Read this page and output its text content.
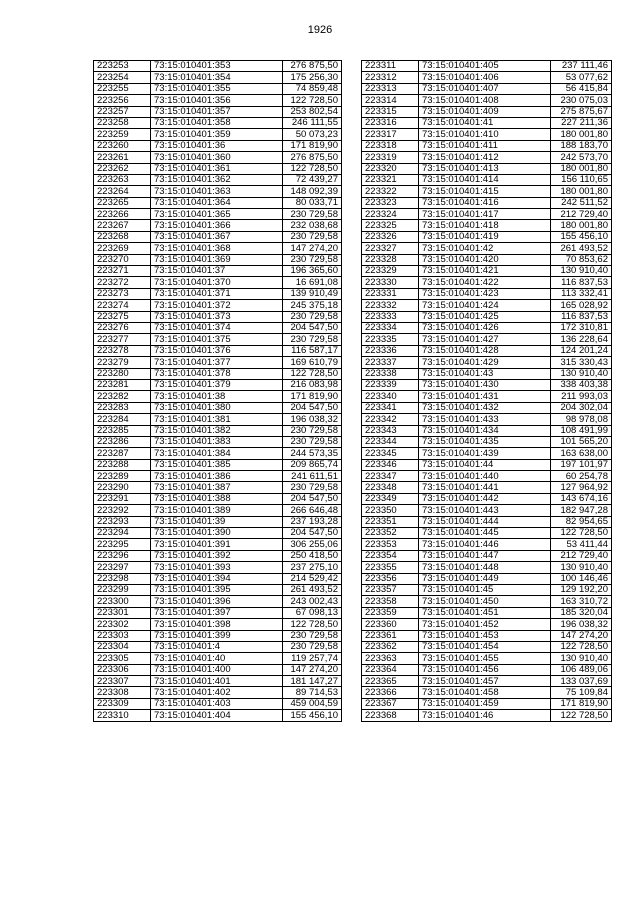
1926
223253	73:15:010401:353	276 875,50
223254	73:15:010401:354	175 256,30
223255	73:15:010401:355	74 859,48
223256	73:15:010401:356	122 728,50
223257	73:15:010401:357	253 802,54
223258	73:15:010401:358	246 111,55
223259	73:15:010401:359	50 073,23
223260	73:15:010401:36	171 819,90
223261	73:15:010401:360	276 875,50
223262	73:15:010401:361	122 728,50
223263	73:15:010401:362	72 439,27
223264	73:15:010401:363	148 092,39
223265	73:15:010401:364	80 033,71
223266	73:15:010401:365	230 729,58
223267	73:15:010401:366	232 038,68
223268	73:15:010401:367	230 729,58
223269	73:15:010401:368	147 274,20
223270	73:15:010401:369	230 729,58
223271	73:15:010401:37	196 365,60
223272	73:15:010401:370	16 691,08
223273	73:15:010401:371	139 910,49
223274	73:15:010401:372	245 375,18
223275	73:15:010401:373	230 729,58
223276	73:15:010401:374	204 547,50
223277	73:15:010401:375	230 729,58
223278	73:15:010401:376	116 587,17
223279	73:15:010401:377	169 610,79
223280	73:15:010401:378	122 728,50
223281	73:15:010401:379	216 083,98
223282	73:15:010401:38	171 819,90
223283	73:15:010401:380	204 547,50
223284	73:15:010401:381	196 038,32
223285	73:15:010401:382	230 729,58
223286	73:15:010401:383	230 729,58
223287	73:15:010401:384	244 573,35
223288	73:15:010401:385	209 865,74
223289	73:15:010401:386	241 611,51
223290	73:15:010401:387	230 729,58
223291	73:15:010401:388	204 547,50
223292	73:15:010401:389	266 646,48
223293	73:15:010401:39	237 193,28
223294	73:15:010401:390	204 547,50
223295	73:15:010401:391	306 255,06
223296	73:15:010401:392	250 418,50
223297	73:15:010401:393	237 275,10
223298	73:15:010401:394	214 529,42
223299	73:15:010401:395	261 493,52
223300	73:15:010401:396	243 002,43
223301	73:15:010401:397	67 098,13
223302	73:15:010401:398	122 728,50
223303	73:15:010401:399	230 729,58
223304	73:15:010401:4	230 729,58
223305	73:15:010401:40	119 257,74
223306	73:15:010401:400	147 274,20
223307	73:15:010401:401	181 147,27
223308	73:15:010401:402	89 714,53
223309	73:15:010401:403	459 004,59
223310	73:15:010401:404	155 456,10
223311	73:15:010401:405	237 111,46
223312	73:15:010401:406	53 077,62
223313	73:15:010401:407	56 415,84
223314	73:15:010401:408	230 075,03
223315	73:15:010401:409	275 875,67
223316	73:15:010401:41	227 211,36
223317	73:15:010401:410	180 001,80
223318	73:15:010401:411	188 183,70
223319	73:15:010401:412	242 573,70
223320	73:15:010401:413	180 001,80
223321	73:15:010401:414	156 110,65
223322	73:15:010401:415	180 001,80
223323	73:15:010401:416	242 511,52
223324	73:15:010401:417	212 729,40
223325	73:15:010401:418	180 001,80
223326	73:15:010401:419	155 456,10
223327	73:15:010401:42	261 493,52
223328	73:15:010401:420	70 853,62
223329	73:15:010401:421	130 910,40
223330	73:15:010401:422	116 837,53
223331	73:15:010401:423	113 332,41
223332	73:15:010401:424	165 028,92
223333	73:15:010401:425	116 837,53
223334	73:15:010401:426	172 310,81
223335	73:15:010401:427	136 228,64
223336	73:15:010401:428	124 201,24
223337	73:15:010401:429	315 330,43
223338	73:15:010401:43	130 910,40
223339	73:15:010401:430	338 403,38
223340	73:15:010401:431	211 993,03
223341	73:15:010401:432	204 302,04
223342	73:15:010401:433	98 978,08
223343	73:15:010401:434	108 491,99
223344	73:15:010401:435	101 565,20
223345	73:15:010401:439	163 638,00
223346	73:15:010401:44	197 101,97
223347	73:15:010401:440	60 254,78
223348	73:15:010401:441	127 964,92
223349	73:15:010401:442	143 674,16
223350	73:15:010401:443	182 947,28
223351	73:15:010401:444	82 954,65
223352	73:15:010401:445	122 728,50
223353	73:15:010401:446	53 411,44
223354	73:15:010401:447	212 729,40
223355	73:15:010401:448	130 910,40
223356	73:15:010401:449	100 146,46
223357	73:15:010401:45	129 192,20
223358	73:15:010401:450	163 310,72
223359	73:15:010401:451	185 320,04
223360	73:15:010401:452	196 038,32
223361	73:15:010401:453	147 274,20
223362	73:15:010401:454	122 728,50
223363	73:15:010401:455	130 910,40
223364	73:15:010401:456	106 489,06
223365	73:15:010401:457	133 037,69
223366	73:15:010401:458	75 109,84
223367	73:15:010401:459	171 819,90
223368	73:15:010401:46	122 728,50
